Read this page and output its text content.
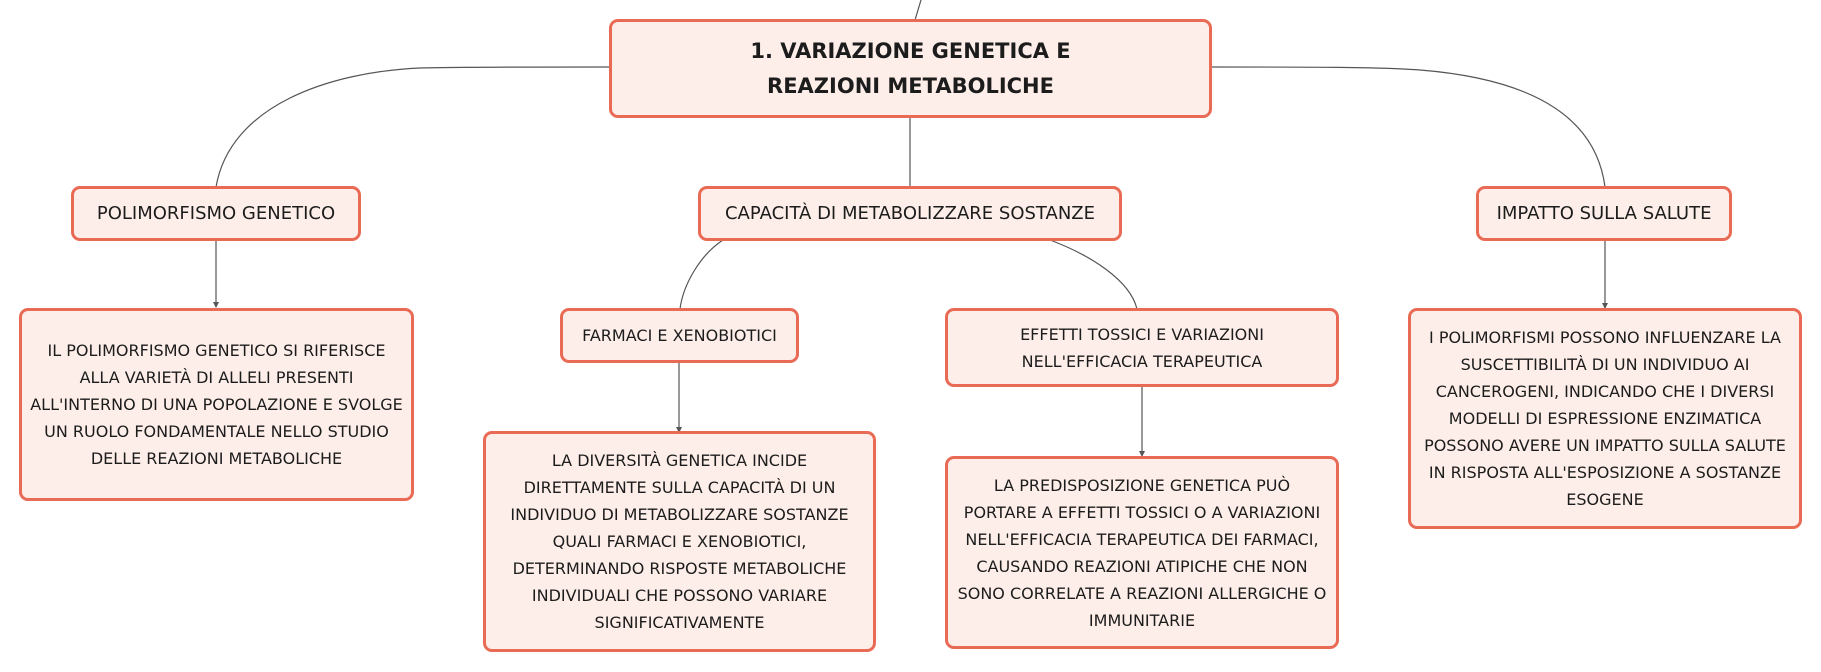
1. VARIAZIONE GENETICA E REAZIONI METABOLICHE
POLIMORFISMO GENETICO	CAPACITÀ DI METABOLIZZARE SOSTANZE	IMPATTO SULLA SALUTE
IL POLIMORFISMO GENETICO SI RIFERISCE ALLA VARIETÀ DI ALLELI PRESENTI ALL'INTERNO DI UNA POPOLAZIONE E SVOLGE UN RUOLO FONDAMENTALE NELLO STUDIO DELLE REAZIONI METABOLICHE
FARMACI E XENOBIOTICI	EFFETTI TOSSICI E VARIAZIONI NELL'EFFICACIA TERAPEUTICA
LA DIVERSITÀ GENETICA INCIDE DIRETTAMENTE SULLA CAPACITÀ DI UN INDIVIDUO DI METABOLIZZARE SOSTANZE QUALI FARMACI E XENOBIOTICI, DETERMINANDO RISPOSTE METABOLICHE INDIVIDUALI CHE POSSONO VARIARE SIGNIFICATIVAMENTE
LA PREDISPOSIZIONE GENETICA PUÒ PORTARE A EFFETTI TOSSICI O A VARIAZIONI NELL'EFFICACIA TERAPEUTICA DEI FARMACI, CAUSANDO REAZIONI ATIPICHE CHE NON SONO CORRELATE A REAZIONI ALLERGICHE O IMMUNITARIE
I POLIMORFISMI POSSONO INFLUENZARE LA SUSCETTIBILITÀ DI UN INDIVIDUO AI CANCEROGENI, INDICANDO CHE I DIVERSI MODELLI DI ESPRESSIONE ENZIMATICA POSSONO AVERE UN IMPATTO SULLA SALUTE IN RISPOSTA ALL'ESPOSIZIONE A SOSTANZE ESOGENE
